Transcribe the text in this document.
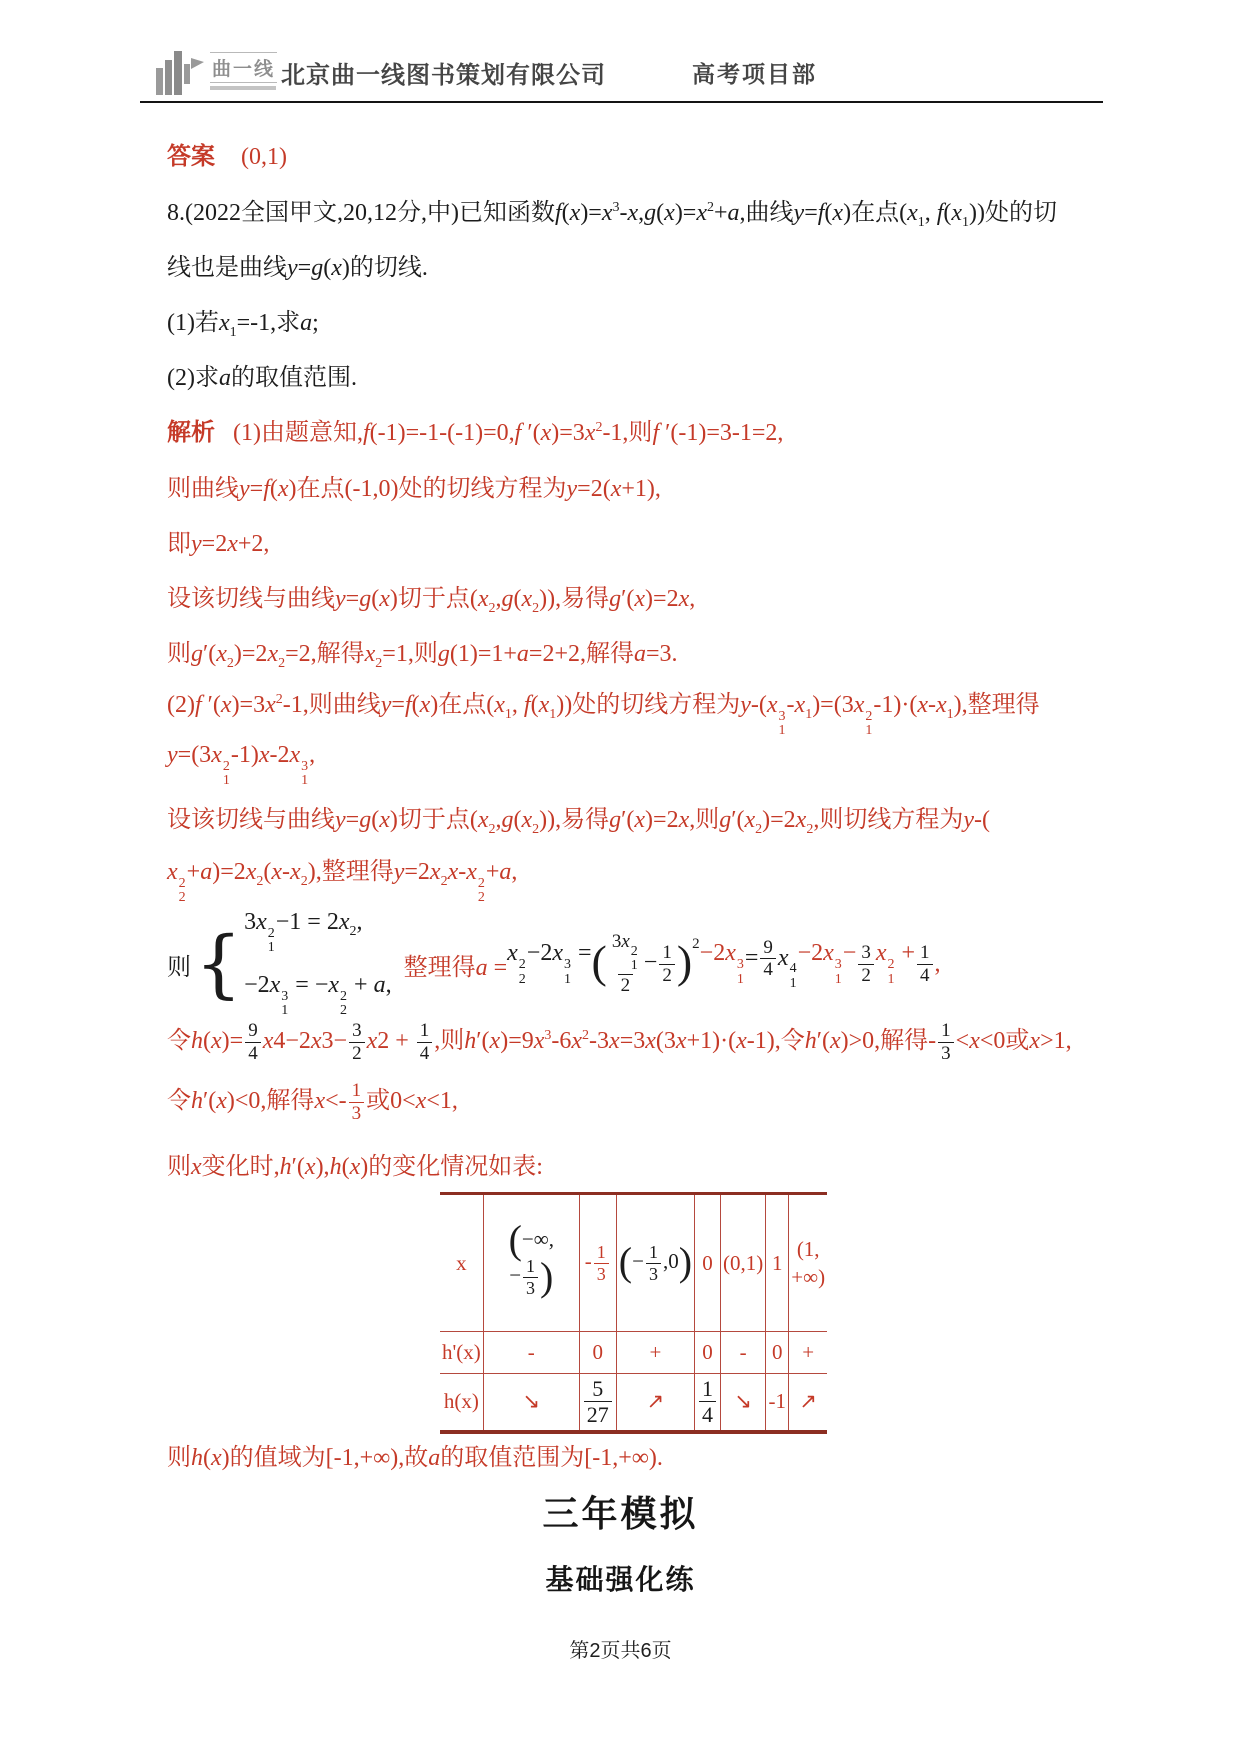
曲一线 北京曲一线图书策划有限公司	高考项目部
答案 (0,1)
8.(2022全国甲文,20,12分,中)已知函数$f(x)=x^3-x,g(x)=x^2+a$,曲线y=f(x)在点($x_1$, $f(x_1)$)处的切
线也是曲线y=g(x)的切线.
(1)若$x_1=-1$,求a;
(2)求a的取值范围.
解析 (1)由题意知,f(-1)=-1-(-1)=0,f $'(x)=3x^2-1$,则f ′(-1)=3-1=2,
则曲线y=f(x)在点(-1,0)处的切线方程为y=2(x+1),
即y=2x+2,
设该切线与曲线y=g(x)切于点$(x_2,g(x_2))$,易得g′(x)=2x,
则$g'(x_2)=2x_2=2$,解得$x_2=1$,则g(1)=1+a=2+2,解得a=3.
(2)f $'(x)=3x^2-1$,则曲线y=f(x)在点($x_1$, $f(x_1)$)处的切线方程为y-(x 3
1
$-x_1)=(3x$ 2
1
$-1)\cdot(x-x_1)$,整理得
y=(3x 2
1
-1)x-2x 3
1
,
设该切线与曲线y=g(x)切于点$(x_2,g(x_2))$,易得g′(x)=2x,则$g'(x_2)=2x_2$,则切线方程为y-(
x 2
2
$+a)=2x_2(x-x_2)$,整理得$y=2x_2x-x$ 2
2
+a,
则 { 3x 2
1
$-1 = 2x_2$,
−2x 3
1
= −x 2
2
+ a,
整理得a =
x 2
2
−2x 3
1
= ( 3x 2
1
$2 - \frac{1}{2}$ ) 2 −2x 3
1
= $\frac{9}{4}$ x 4
1
−2x 3
1
− $\frac{3}{2}$ x 2
1
+ $\frac{1}{4}$ ,
令$h(x)= \frac{9}{4} x4-2x3- \frac{3}{2} x2 + \frac{1}{4}$ ,则$h'(x)=9x^3-6x^2-3x=3x(3x+1)\cdot(x-1)$,令h′(x)>0,解得- $\frac{1}{3} <x<0$或x>1,
令h′(x)<0,解得$x<- \frac{1}{3}$ 或0<x<1,
则x变化时,h′(x),h(x)的变化情况如表:
x	(−∞,
− $\frac{1}{3}$ )	- $\frac{1}{3}$	(− $\frac{1}{3} ,0$)	0	(0,1)	1	(1,
+∞)

h'(x)	-	0	+	0	-	0	+
h(x)	↘	$\frac{5}{27}$	↗	$\frac{1}{4}$	↘	-1	↗
则h(x)的值域为[-1,+∞),故a的取值范围为[-1,+∞).
三年模拟
基础强化练
第2页共6页
